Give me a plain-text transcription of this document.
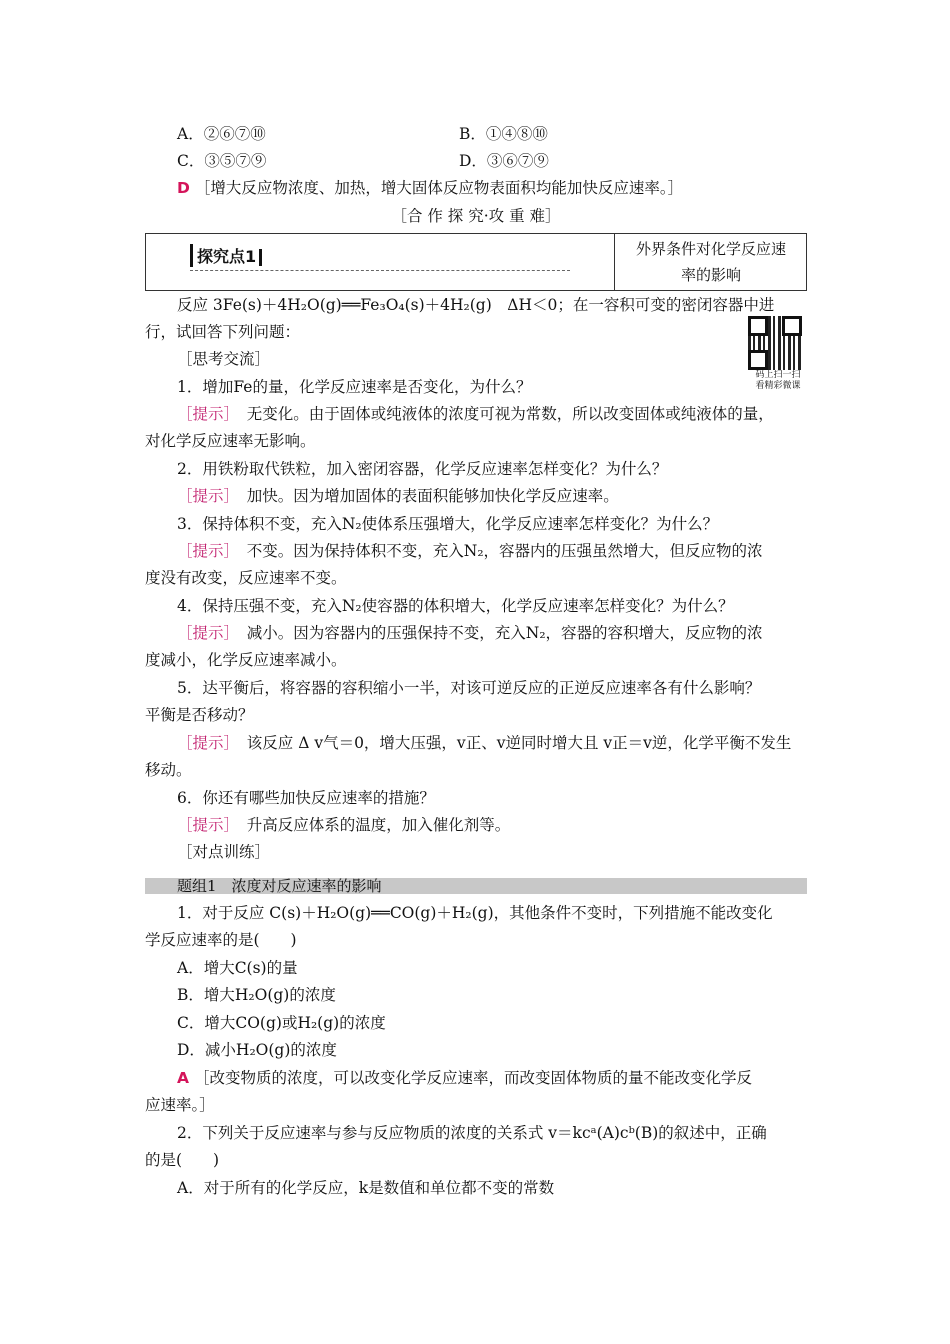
A．②⑥⑦⑩	B．①④⑧⑩
C．③⑤⑦⑨	D．③⑥⑦⑨
D ［增大反应物浓度、加热，增大固体反应物表面积均能加快反应速率。］
［合 作 探 究·攻 重 难］
探究点1	外界条件对化学反应速
率的影响
反应 3Fe(s)＋4H₂O(g)══Fe₃O₄(s)＋4H₂(g)　ΔH＜0；在一容积可变的密闭容器中进
行，试回答下列问题：
码上扫一扫
看精彩微课
［思考交流］
1．增加Fe的量，化学反应速率是否变化，为什么？
［提示］　无变化。由于固体或纯液体的浓度可视为常数，所以改变固体或纯液体的量，
对化学反应速率无影响。
2．用铁粉取代铁粒，加入密闭容器，化学反应速率怎样变化？为什么？
［提示］　加快。因为增加固体的表面积能够加快化学反应速率。
3．保持体积不变，充入N₂使体系压强增大，化学反应速率怎样变化？为什么？
［提示］　不变。因为保持体积不变，充入N₂，容器内的压强虽然增大，但反应物的浓
度没有改变，反应速率不变。
4．保持压强不变，充入N₂使容器的体积增大，化学反应速率怎样变化？为什么？
［提示］　减小。因为容器内的压强保持不变，充入N₂，容器的容积增大，反应物的浓
度减小，化学反应速率减小。
5．达平衡后，将容器的容积缩小一半，对该可逆反应的正逆反应速率各有什么影响？
平衡是否移动？
［提示］　该反应 Δ v气＝0，增大压强，v正、v逆同时增大且 v正＝v逆，化学平衡不发生
移动。
6．你还有哪些加快反应速率的措施？
［提示］　升高反应体系的温度，加入催化剂等。
［对点训练］
题组1　浓度对反应速率的影响
1．对于反应 C(s)＋H₂O(g)══CO(g)＋H₂(g)，其他条件不变时，下列措施不能改变化
学反应速率的是(　　)
A．增大C(s)的量
B．增大H₂O(g)的浓度
C．增大CO(g)或H₂(g)的浓度
D．减小H₂O(g)的浓度
A ［改变物质的浓度，可以改变化学反应速率，而改变固体物质的量不能改变化学反
应速率。］
2．下列关于反应速率与参与反应物质的浓度的关系式 v＝kcᵃ(A)cᵇ(B)的叙述中，正确
的是(　　)
A．对于所有的化学反应，k是数值和单位都不变的常数
